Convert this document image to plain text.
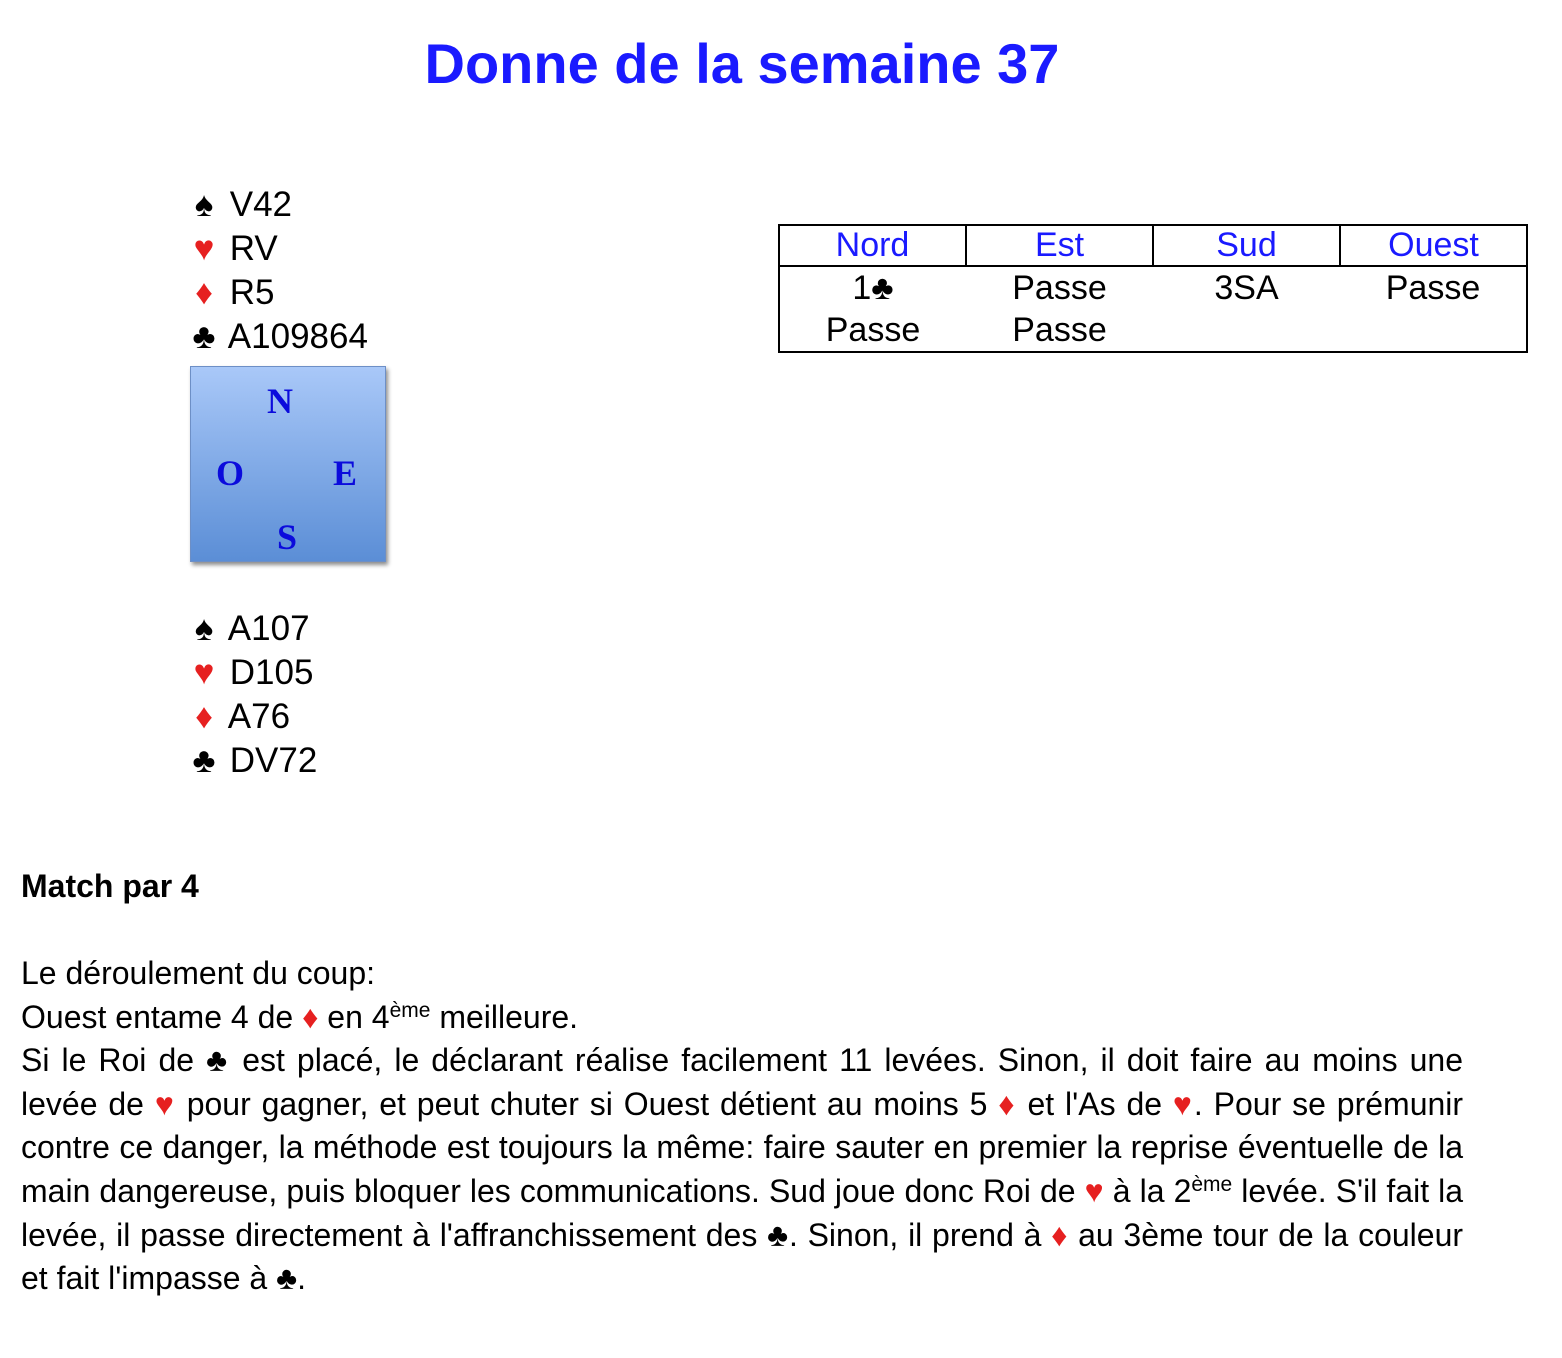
Donne de la semaine 37
♠ V42
♥ RV
♦ R5
♣ A109864
N
O E
S
♠ A107
♥ D105
♦ A76
♣ DV72
Nord	Est	Sud	Ouest
1♣	Passe	3SA	Passe
Passe	Passe		
Match par 4

Le déroulement du coup:

Ouest entame 4 de ♦ en 4ème meilleure.

Si le Roi de ♣ est placé, le déclarant réalise facilement 11 levées. Sinon, il doit faire au moins une levée de ♥ pour gagner, et peut chuter si Ouest détient au moins 5 ♦ et l'As de ♥. Pour se prémunir contre ce danger, la méthode est toujours la même: faire sauter en premier la reprise éventuelle de la main dangereuse, puis bloquer les communications. Sud joue donc Roi de ♥ à la 2ème levée. S'il fait la levée, il passe directement à l'affranchissement des ♣. Sinon, il prend à ♦ au 3ème tour de la couleur et fait l'impasse à ♣.
